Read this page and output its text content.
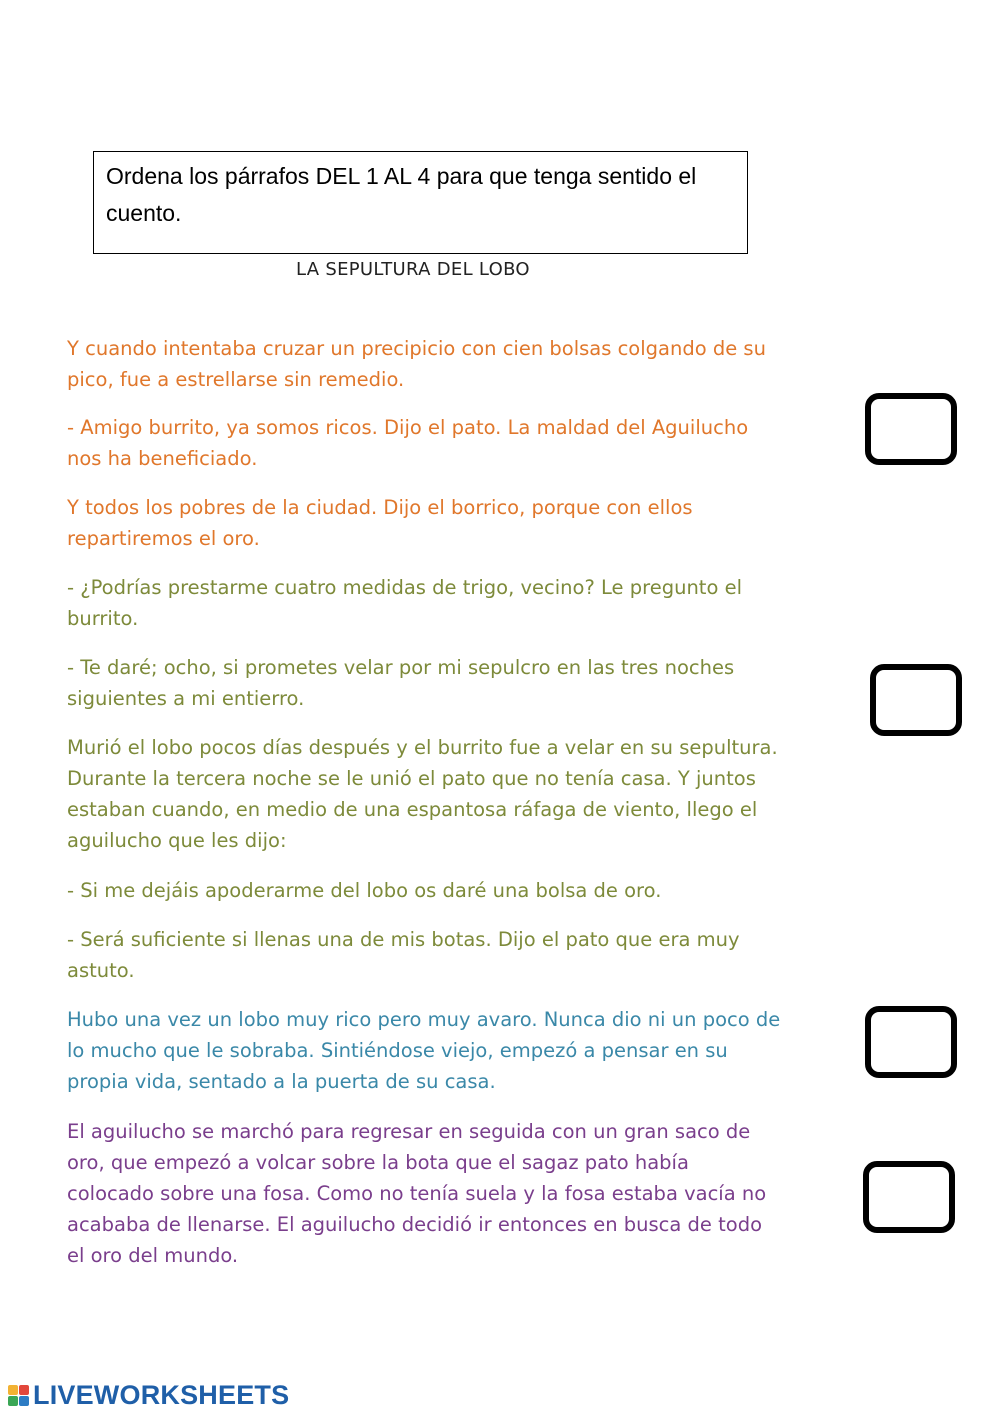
Ordena los párrafos DEL 1 AL 4 para que tenga sentido el cuento.
LA SEPULTURA DEL LOBO

Y cuando intentaba cruzar un precipicio con cien bolsas colgando de su pico, fue a estrellarse sin remedio.

- Amigo burrito, ya somos ricos. Dijo el pato. La maldad del Aguilucho nos ha beneficiado.

Y todos los pobres de la ciudad. Dijo el borrico, porque con ellos repartiremos el oro.

- ¿Podrías prestarme cuatro medidas de trigo, vecino? Le pregunto el burrito.

- Te daré; ocho, si prometes velar por mi sepulcro en las tres noches siguientes a mi entierro.

Murió el lobo pocos días después y el burrito fue a velar en su sepultura. Durante la tercera noche se le unió el pato que no tenía casa. Y juntos estaban cuando, en medio de una espantosa ráfaga de viento, llego el aguilucho que les dijo:

- Si me dejáis apoderarme del lobo os daré una bolsa de oro.

- Será suficiente si llenas una de mis botas. Dijo el pato que era muy astuto.

Hubo una vez un lobo muy rico pero muy avaro. Nunca dio ni un poco de lo mucho que le sobraba. Sintiéndose viejo, empezó a pensar en su propia vida, sentado a la puerta de su casa.

El aguilucho se marchó para regresar en seguida con un gran saco de oro, que empezó a volcar sobre la bota que el sagaz pato había colocado sobre una fosa. Como no tenía suela y la fosa estaba vacía no acababa de llenarse. El aguilucho decidió ir entonces en busca de todo el oro del mundo.

LIVEWORKSHEETS
